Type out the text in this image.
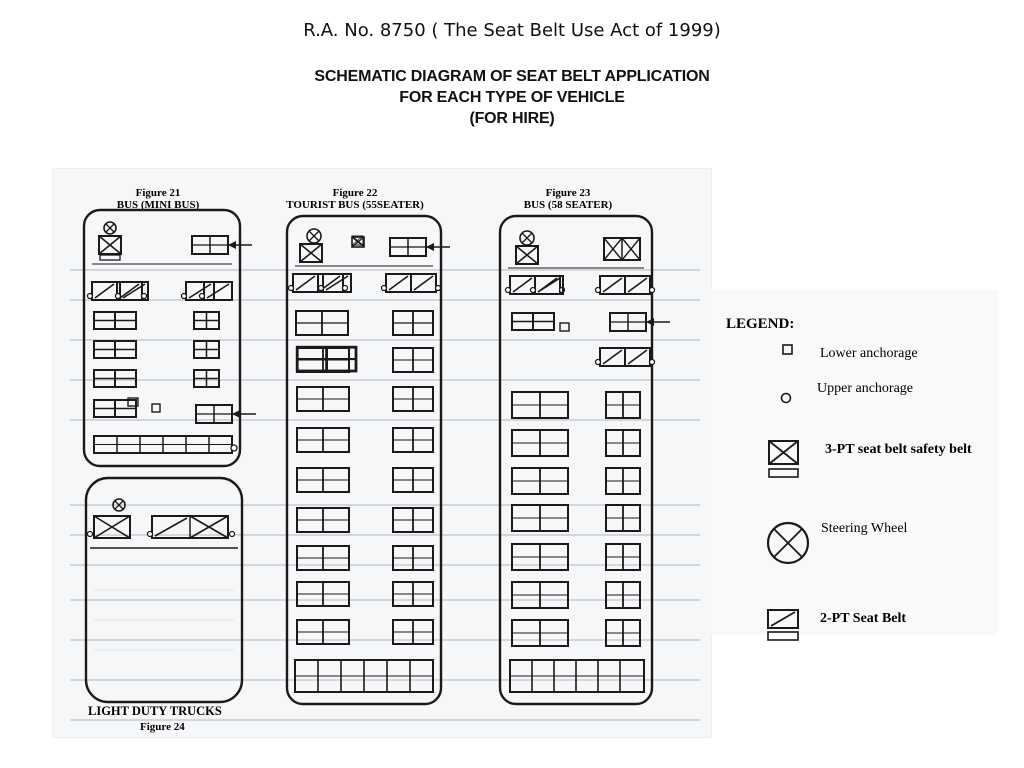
R.A. No. 8750 ( The Seat Belt Use Act of 1999)
SCHEMATIC DIAGRAM OF SEAT BELT APPLICATION
FOR EACH TYPE OF VEHICLE
(FOR HIRE)
Figure 21
BUS (MINI BUS)
Figure 22
TOURIST BUS (55SEATER)
Figure 23
BUS (58 SEATER)
LIGHT DUTY TRUCKS
Figure 24
LEGEND:
Lower anchorage
Upper anchorage
3-PT seat belt safety belt
Steering Wheel
2-PT Seat Belt
